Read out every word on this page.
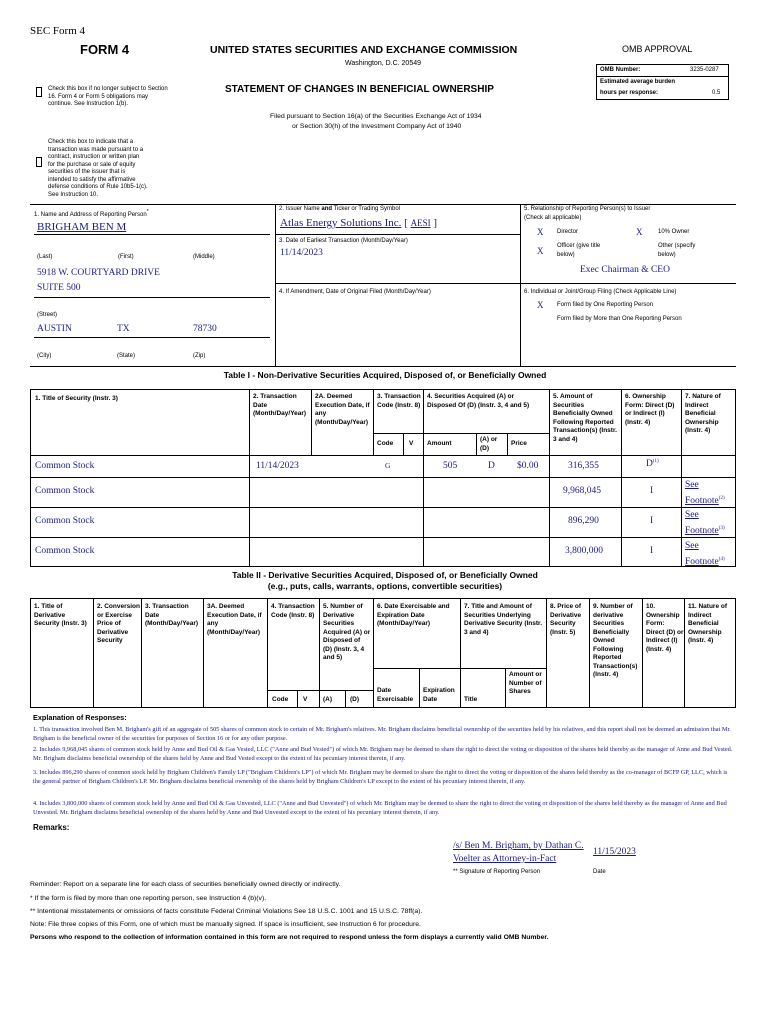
SEC Form 4
FORM 4	UNITED STATES SECURITIES AND EXCHANGE COMMISSION
Washington, D.C. 20549
STATEMENT OF CHANGES IN BENEFICIAL OWNERSHIP
Filed pursuant to Section 16(a) of the Securities Exchange Act of 1934
or Section 30(h) of the Investment Company Act of 1940
OMB APPROVAL
OMB Number:	3235-0287
Estimated average burden
hours per response:	0.5
Check this box if no longer subject to Section 16. Form 4 or Form 5 obligations may continue. See Instruction 1(b).
Check this box to indicate that a transaction was made pursuant to a contract, instruction or written plan for the purchase or sale of equity securities of the issuer that is intended to satisfy the affirmative defense conditions of Rule 10b5-1(c). See Instruction 10.
1. Name and Address of Reporting Person*
BRIGHAM BEN M
(Last)	(First)	(Middle)
5918 W. COURTYARD DRIVE
SUITE 500
(Street)
AUSTIN	TX	78730
(City)	(State)	(Zip)
2. Issuer Name and Ticker or Trading Symbol
Atlas Energy Solutions Inc. [ AESI ]
3. Date of Earliest Transaction (Month/Day/Year)
11/14/2023
4. If Amendment, Date of Original Filed (Month/Day/Year)
5. Relationship of Reporting Person(s) to Issuer
(Check all applicable)
X Director	X	10% Owner
X Officer (give title
below)
Other (specify
below)
Exec Chairman & CEO
6. Individual or Joint/Group Filing (Check Applicable Line)
X Form filed by One Reporting Person
Form filed by More than One Reporting Person
Table I - Non-Derivative Securities Acquired, Disposed of, or Beneficially Owned
1. Title of Security (Instr. 3)	2. Transaction Date (Month/Day/Year)
2A. Deemed Execution Date, if any (Month/Day/Year)
3. Transaction Code (Instr. 8)
4. Securities Acquired (A) or Disposed Of (D) (Instr. 3, 4 and 5)
5. Amount of Securities Beneficially Owned Following Reported Transaction(s) (Instr. 3 and 4)
6. Ownership Form: Direct (D) or Indirect (I) (Instr. 4)
7. Nature of Indirect Beneficial Ownership (Instr. 4)
Code V Amount
(A) or (D)
Price
Common Stock	11/14/2023	G	505	D $0.00	316,355	$D^{(1)}$
Common Stock	9,968,045	I
See Footnote$^{(2)}$
Common Stock	896,290	I
See Footnote$^{(3)}$
Common Stock	3,800,000	I	See Footnote$^{(4)}$
Table II - Derivative Securities Acquired, Disposed of, or Beneficially Owned
(e.g., puts, calls, warrants, options, convertible securities)
1. Title of Derivative Security (Instr. 3)
2. Conversion or Exercise Price of Derivative Security
3. Transaction Date (Month/Day/Year)
3A. Deemed Execution Date, if any (Month/Day/Year)
4. Transaction Code (Instr. 8)
5. Number of Derivative Securities Acquired (A) or Disposed of (D) (Instr. 3, 4 and 5)
6. Date Exercisable and Expiration Date (Month/Day/Year)
7. Title and Amount of Securities Underlying Derivative Security (Instr. 3 and 4)
8. Price of Derivative Security (Instr. 5)
9. Number of derivative Securities Beneficially Owned Following Reported Transaction(s) (Instr. 4)
10. Ownership Form: Direct (D) or Indirect (I) (Instr. 4)
11. Nature of Indirect Beneficial Ownership (Instr. 4)
Code V (A)	(D)
Date Exercisable
Expiration Date	Title
Amount or Number of Shares
Explanation of Responses:
1. This transaction involved Ben M. Brigham's gift of an aggregate of 505 shares of common stock to certain of Mr. Brigham's relatives. Mr. Brigham disclaims beneficial ownership of the securities held by his relatives, and this report shall not be deemed an admission that Mr. Brigham is the beneficial owner of the securities for purposes of Section 16 or for any other purpose.
2. Includes 9,968,045 shares of common stock held by Anne and Bud Oil & Gas Vested, LLC ("Anne and Bud Vested") of which Mr. Brigham may be deemed to share the right to direct the voting or disposition of the shares held thereby as the manager of Anne and Bud Vested. Mr. Brigham disclaims beneficial ownership of the shares held by Anne and Bud Vested except to the extent of his pecuniary interest therein, if any.
3. Includes 896,290 shares of common stock held by Brigham Children's Family LP ("Brigham Children's LP") of which Mr. Brigham may be deemed to share the right to direct the voting or disposition of the shares held thereby as the co-manager of BCFP GP, LLC, which is the general partner of Brigham Children's LP. Mr. Brigham disclaims beneficial ownership of the shares held by Brigham Children's LP except to the extent of his pecuniary interest therein, if any.
4. Includes 3,800,000 shares of common stock held by Anne and Bud Oil & Gas Unvested, LLC ("Anne and Bud Unvested") of which Mr. Brigham may be deemed to share the right to direct the voting or disposition of the shares held thereby as the manager of Anne and Bud Unvested. Mr. Brigham disclaims beneficial ownership of the shares held by Anne and Bud Unvested except to the extent of his pecuniary interest therein, if any.
Remarks:
/s/ Ben M. Brigham, by Dathan C.
Voelter as Attorney-in-Fact
11/15/2023
** Signature of Reporting Person	Date
Reminder: Report on a separate line for each class of securities beneficially owned directly or indirectly.
* If the form is filed by more than one reporting person, see Instruction 4 (b)(v).
** Intentional misstatements or omissions of facts constitute Federal Criminal Violations See 18 U.S.C. 1001 and 15 U.S.C. 78ff(a).
Note: File three copies of this Form, one of which must be manually signed. If space is insufficient, see Instruction 6 for procedure.
Persons who respond to the collection of information contained in this form are not required to respond unless the form displays a currently valid OMB Number.
